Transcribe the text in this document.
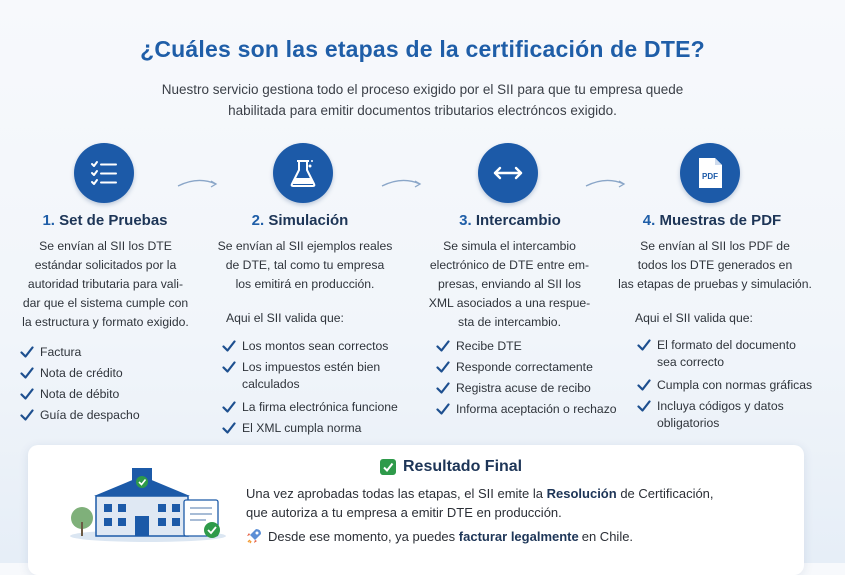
¿Cuáles son las etapas de la certificación de DTE?
Nuestro servicio gestiona todo el proceso exigido por el SII para que tu empresa quede
habilitada para emitir documentos tributarios electróncos exigido.
PDF
1. Set de Pruebas	2. Simulación	3. Intercambio	4. Muestras de PDF
Se envían al SII los DTE
estándar solicitados por la
autoridad tributaria para vali-
dar que el sistema cumple con
la estructura y formato exigido.
Factura
Nota de crédito
Nota de débito
Guía de despacho
Se envían al SII ejemplos reales
de DTE, tal como tu empresa
los emitirá en producción.
Aqui el SII valida que:
Los montos sean correctos
Los impuestos estén bien
calculados
La firma electrónica funcione
El XML cumpla norma
Se simula el intercambio
electrónico de DTE entre em-
presas, enviando al SII los
XML asociados a una respue-
sta de intercambio.
Recibe DTE
Responde correctamente
Registra acuse de recibo
Informa aceptación o rechazo
Se envían al SII los PDF de
todos los DTE generados en
las etapas de pruebas y simulación.
Aqui el SII valida que:
El formato del documento
sea correcto
Cumpla con normas gráficas
Incluya códigos y datos
obligatorios
Resultado Final
Una vez aprobadas todas las etapas, el SII emite la Resolución de Certificación,
que autoriza a tu empresa a emitir DTE en producción.
Desde ese momento, ya puedes
facturar legalmente en Chile.
